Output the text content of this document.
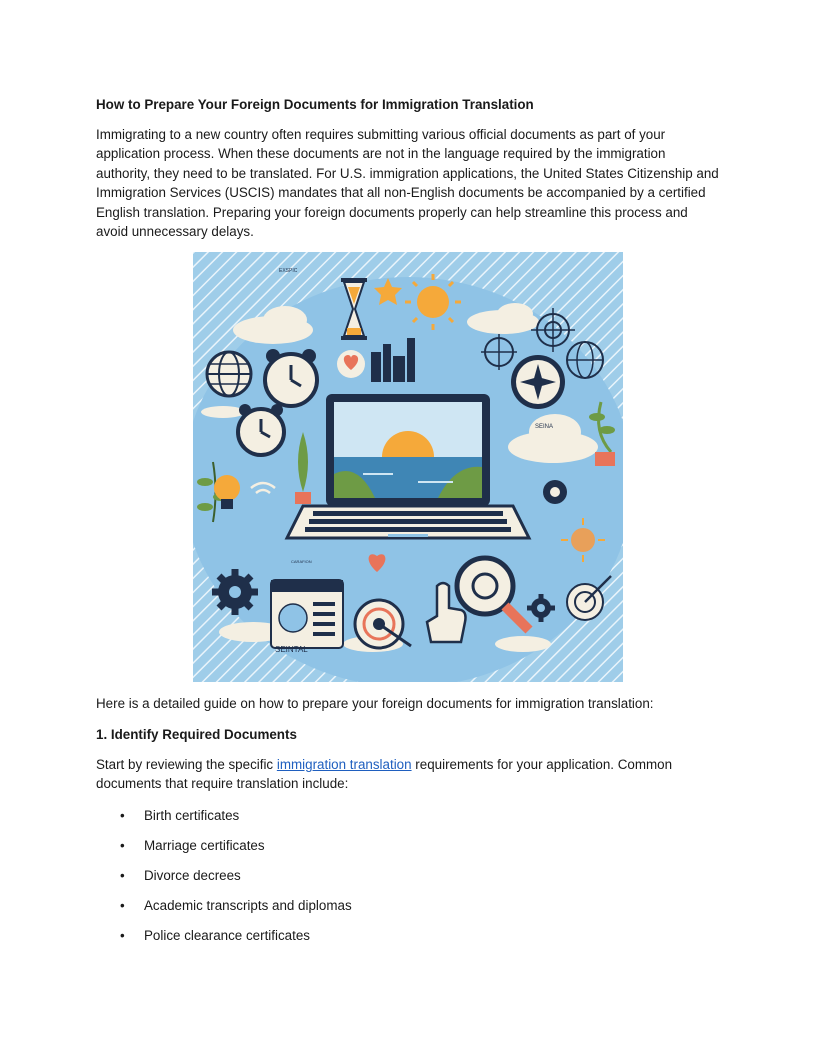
How to Prepare Your Foreign Documents for Immigration Translation

Immigrating to a new country often requires submitting various official documents as part of your application process. When these documents are not in the language required by the immigration authority, they need to be translated. For U.S. immigration applications, the United States Citizenship and Immigration Services (USCIS) mandates that all non-English documents be accompanied by a certified English translation. Preparing your foreign documents properly can help streamline this process and avoid unnecessary delays.

SEINTAL
EXSPIC
SEINA
CARAFION

Here is a detailed guide on how to prepare your foreign documents for immigration translation:

1. Identify Required Documents

Start by reviewing the specific immigration translation requirements for your application. Common documents that require translation include:

• Birth certificates
• Marriage certificates
• Divorce decrees
• Academic transcripts and diplomas
• Police clearance certificates
